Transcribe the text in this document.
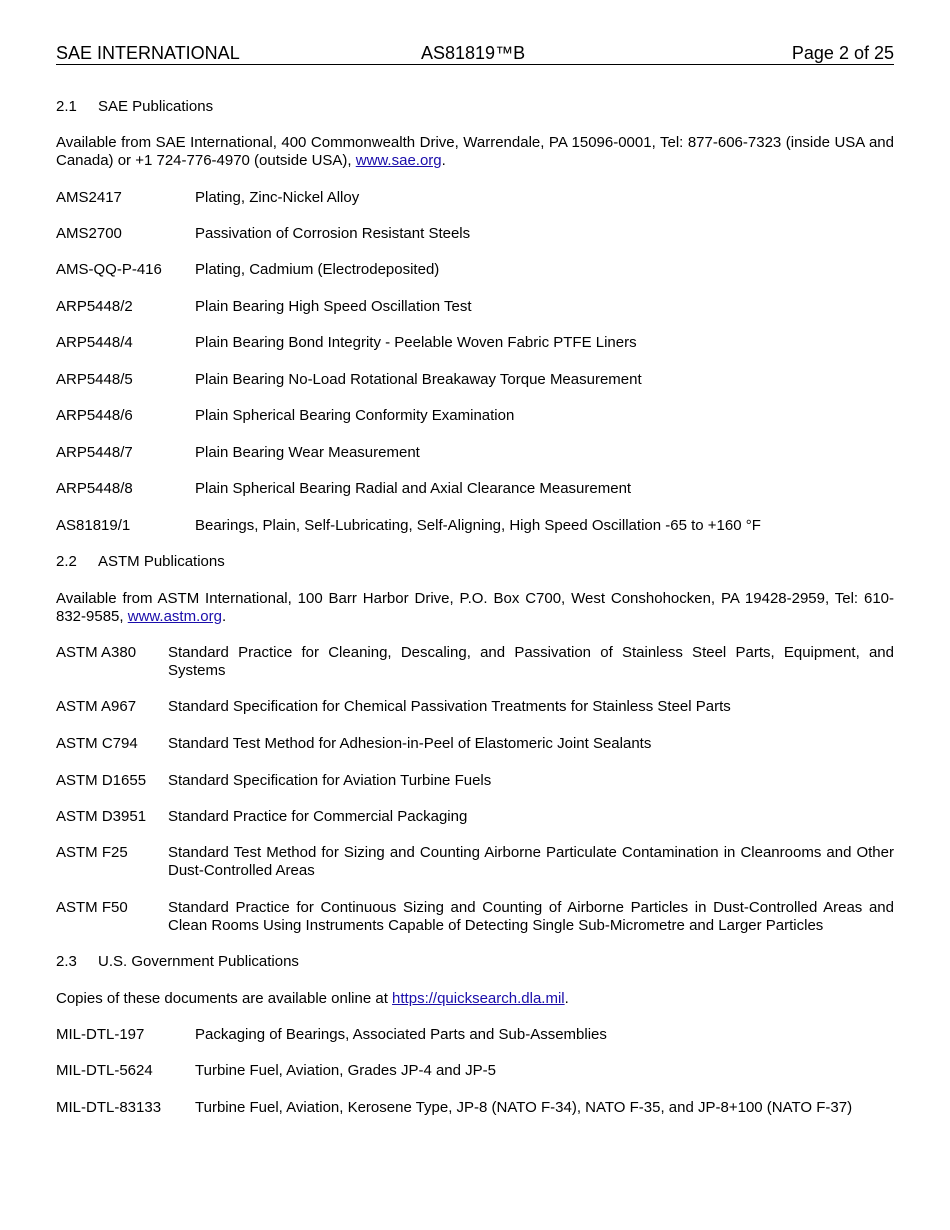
SAE INTERNATIONAL	AS81819™B	Page 2 of 25
2.1 SAE Publications
Available from SAE International, 400 Commonwealth Drive, Warrendale, PA 15096-0001, Tel: 877-606-7323 (inside USA and Canada) or +1 724-776-4970 (outside USA), www.sae.org.
AMS2417	Plating, Zinc-Nickel Alloy
AMS2700	Passivation of Corrosion Resistant Steels
AMS-QQ-P-416 Plating, Cadmium (Electrodeposited)
ARP5448/2	Plain Bearing High Speed Oscillation Test
ARP5448/4	Plain Bearing Bond Integrity - Peelable Woven Fabric PTFE Liners
ARP5448/5	Plain Bearing No-Load Rotational Breakaway Torque Measurement
ARP5448/6	Plain Spherical Bearing Conformity Examination
ARP5448/7	Plain Bearing Wear Measurement
ARP5448/8	Plain Spherical Bearing Radial and Axial Clearance Measurement
AS81819/1	Bearings, Plain, Self-Lubricating, Self-Aligning, High Speed Oscillation -65 to +160 °F
2.2 ASTM Publications
Available from ASTM International, 100 Barr Harbor Drive, P.O. Box C700, West Conshohocken, PA 19428-2959, Tel: 610-832-9585, www.astm.org.
ASTM A380 Standard Practice for Cleaning, Descaling, and Passivation of Stainless Steel Parts, Equipment, and Systems
ASTM A967 Standard Specification for Chemical Passivation Treatments for Stainless Steel Parts
ASTM C794 Standard Test Method for Adhesion-in-Peel of Elastomeric Joint Sealants
ASTM D1655 Standard Specification for Aviation Turbine Fuels
ASTM D3951 Standard Practice for Commercial Packaging
ASTM F25	Standard Test Method for Sizing and Counting Airborne Particulate Contamination in Cleanrooms and Other Dust-Controlled Areas
ASTM F50	Standard Practice for Continuous Sizing and Counting of Airborne Particles in Dust-Controlled Areas and Clean Rooms Using Instruments Capable of Detecting Single Sub-Micrometre and Larger Particles
2.3 U.S. Government Publications
Copies of these documents are available online at https://quicksearch.dla.mil.
MIL-DTL-197	Packaging of Bearings, Associated Parts and Sub-Assemblies
MIL-DTL-5624	Turbine Fuel, Aviation, Grades JP-4 and JP-5
MIL-DTL-83133 Turbine Fuel, Aviation, Kerosene Type, JP-8 (NATO F-34), NATO F-35, and JP-8+100 (NATO F-37)
